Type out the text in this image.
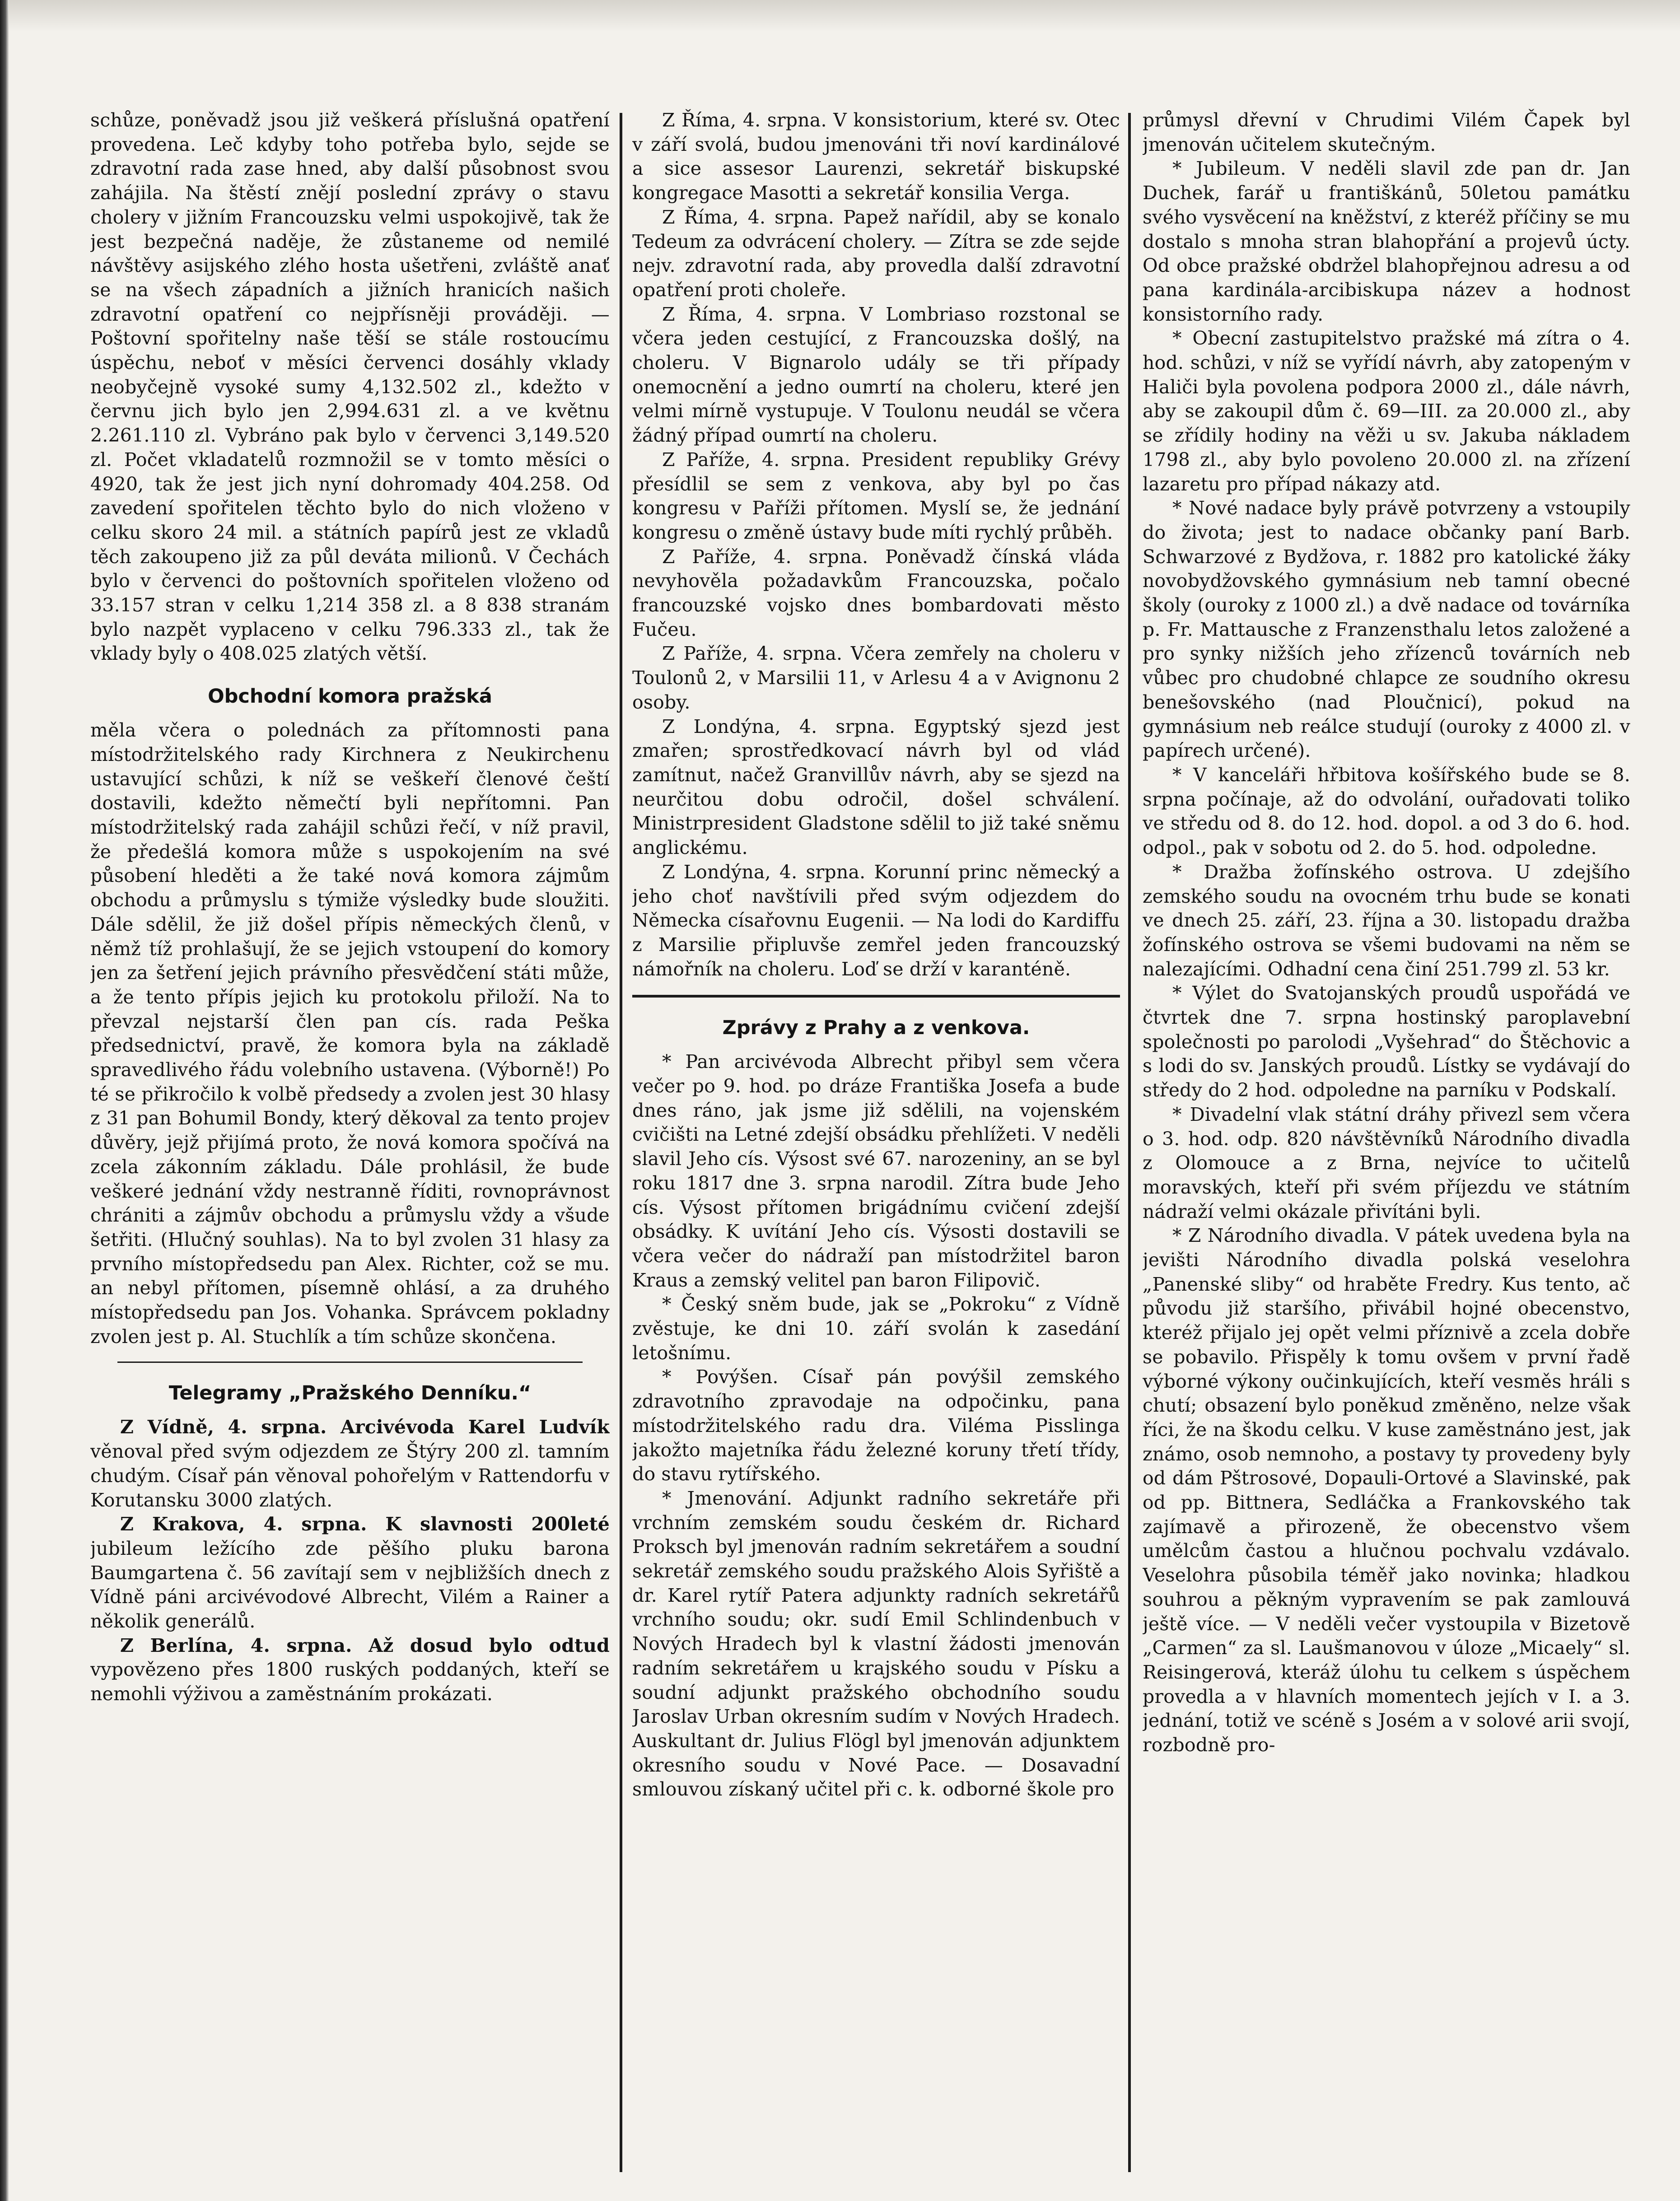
schůze, poněvadž jsou již veškerá příslušná opatření provedena. Leč kdyby toho potřeba bylo, sejde se zdravotní rada zase hned, aby další působnost svou zahájila. Na štěstí znějí poslední zprávy o stavu cholery v jižním Francouzsku velmi uspokojivě, tak že jest bezpečná naděje, že zůstaneme od nemilé návštěvy asijského zlého hosta ušetřeni, zvláště anať se na všech západních a jižních hranicích našich zdravotní opatření co nejpřísněji prováději. — Poštovní spořitelny naše těší se stále rostoucímu úspěchu, neboť v měsíci červenci dosáhly vklady neobyčejně vysoké sumy 4,132.502 zl., kdežto v červnu jich bylo jen 2,994.631 zl. a ve květnu 2.261.110 zl. Vybráno pak bylo v červenci 3,149.520 zl. Počet vkladatelů rozmnožil se v tomto měsíci o 4920, tak že jest jich nyní dohromady 404.258. Od zavedení spořitelen těchto bylo do nich vloženo v celku skoro 24 mil. a státních papírů jest ze vkladů těch zakoupeno již za půl deváta milionů. V Čechách bylo v červenci do poštovních spořitelen vloženo od 33.157 stran v celku 1,214 358 zl. a 8 838 stranám bylo nazpět vyplaceno v celku 796.333 zl., tak že vklady byly o 408.025 zlatých větší.

Obchodní komora pražská

měla včera o polednách za přítomnosti pana místodržitelského rady Kirchnera z Neukirchenu ustavující schůzi, k níž se veškeří členové čeští dostavili, kdežto němečtí byli nepřítomni. Pan místodržitelský rada zahájil schůzi řečí, v níž pravil, že předešlá komora může s uspokojením na své působení hleděti a že také nová komora zájmům obchodu a průmyslu s týmiže výsledky bude sloužiti. Dále sdělil, že již došel přípis německých členů, v němž tíž prohlašují, že se jejich vstoupení do komory jen za šetření jejich právního přesvědčení státi může, a že tento přípis jejich ku protokolu přiloží. Na to převzal nejstarší člen pan cís. rada Peška předsednictví, pravě, že komora byla na základě spravedlivého řádu volebního ustavena. (Výborně!) Po té se přikročilo k volbě předsedy a zvolen jest 30 hlasy z 31 pan Bohumil Bondy, který děkoval za tento projev důvěry, jejž přijímá proto, že nová komora spočívá na zcela zákonním základu. Dále prohlásil, že bude veškeré jednání vždy nestranně říditi, rovnoprávnost chrániti a zájmův obchodu a průmyslu vždy a všude šetřiti. (Hlučný souhlas). Na to byl zvolen 31 hlasy za prvního místopředsedu pan Alex. Richter, což se mu. an nebyl přítomen, písemně ohlásí, a za druhého místopředsedu pan Jos. Vohanka. Správcem pokladny zvolen jest p. Al. Stuchlík a tím schůze skončena.

Telegramy „Pražského Denníku.“

Z Vídně, 4. srpna. Arcivévoda Karel Ludvík věnoval před svým odjezdem ze Štýry 200 zl. tamním chudým. Císař pán věnoval pohořelým v Rattendorfu v Korutansku 3000 zlatých.

Z Krakova, 4. srpna. K slavnosti 200leté jubileum ležícího zde pěšího pluku barona Baumgartena č. 56 zavítají sem v nejbližších dnech z Vídně páni arcivévodové Albrecht, Vilém a Rainer a několik generálů.

Z Berlína, 4. srpna. Až dosud bylo odtud vypovězeno přes 1800 ruských poddaných, kteří se nemohli výživou a zaměstnáním prokázati.

Z Říma, 4. srpna. V konsistorium, které sv. Otec v září svolá, budou jmenováni tři noví kardinálové a sice assesor Laurenzi, sekretář biskupské kongregace Masotti a sekretář konsilia Verga.

Z Říma, 4. srpna. Papež nařídil, aby se konalo Tedeum za odvrácení cholery. — Zítra se zde sejde nejv. zdravotní rada, aby provedla další zdravotní opatření proti choleře.

Z Říma, 4. srpna. V Lombriaso rozstonal se včera jeden cestující, z Francouzska došlý, na choleru. V Bignarolo udály se tři případy onemocnění a jedno oumrtí na choleru, které jen velmi mírně vystupuje. V Toulonu neudál se včera žádný případ oumrtí na choleru.

Z Paříže, 4. srpna. President republiky Grévy přesídlil se sem z venkova, aby byl po čas kongresu v Paříži přítomen. Myslí se, že jednání kongresu o změně ústavy bude míti rychlý průběh.

Z Paříže, 4. srpna. Poněvadž čínská vláda nevyhověla požadavkům Francouzska, počalo francouzské vojsko dnes bombardovati město Fučeu.

Z Paříže, 4. srpna. Včera zemřely na choleru v Toulonů 2, v Marsilii 11, v Arlesu 4 a v Avignonu 2 osoby.

Z Londýna, 4. srpna. Egyptský sjezd jest zmařen; sprostředkovací návrh byl od vlád zamítnut, načež Granvillův návrh, aby se sjezd na neurčitou dobu odročil, došel schválení. Ministrpresident Gladstone sdělil to již také sněmu anglickému.

Z Londýna, 4. srpna. Korunní princ německý a jeho choť navštívili před svým odjezdem do Německa císařovnu Eugenii. — Na lodi do Kardiffu z Marsilie připluvše zemřel jeden francouzský námořník na choleru. Loď se drží v karanténě.

Zprávy z Prahy a z venkova.

* Pan arcivévoda Albrecht přibyl sem včera večer po 9. hod. po dráze Františka Josefa a bude dnes ráno, jak jsme již sdělili, na vojenském cvičišti na Letné zdejší obsádku přehlížeti. V neděli slavil Jeho cís. Výsost své 67. narozeniny, an se byl roku 1817 dne 3. srpna narodil. Zítra bude Jeho cís. Výsost přítomen brigádnímu cvičení zdejší obsádky. K uvítání Jeho cís. Výsosti dostavili se včera večer do nádraží pan místodržitel baron Kraus a zemský velitel pan baron Filipovič.

* Český sněm bude, jak se „Pokroku“ z Vídně zvěstuje, ke dni 10. září svolán k zasedání letošnímu.

* Povýšen. Císař pán povýšil zemského zdravotního zpravodaje na odpočinku, pana místodržitelského radu dra. Viléma Pisslinga jakožto majetníka řádu železné koruny třetí třídy, do stavu rytířského.

* Jmenování. Adjunkt radního sekretáře při vrchním zemském soudu českém dr. Richard Proksch byl jmenován radním sekretářem a soudní sekretář zemského soudu pražského Alois Syřiště a dr. Karel rytíř Patera adjunkty radních sekretářů vrchního soudu; okr. sudí Emil Schlindenbuch v Nových Hradech byl k vlastní žádosti jmenován radním sekretářem u krajského soudu v Písku a soudní adjunkt pražského obchodního soudu Jaroslav Urban okresním sudím v Nových Hradech. Auskultant dr. Julius Flögl byl jmenován adjunktem okresního soudu v Nové Pace. — Dosavadní smlouvou získaný učitel při c. k. odborné škole pro

průmysl dřevní v Chrudimi Vilém Čapek byl jmenován učitelem skutečným.

* Jubileum. V neděli slavil zde pan dr. Jan Duchek, farář u františkánů, 50letou památku svého vysvěcení na kněžství, z kteréž příčiny se mu dostalo s mnoha stran blahopřání a projevů úcty. Od obce pražské obdržel blahopřejnou adresu a od pana kardinála-arcibiskupa název a hodnost konsistorního rady.

* Obecní zastupitelstvo pražské má zítra o 4. hod. schůzi, v níž se vyřídí návrh, aby zatopeným v Haliči byla povolena podpora 2000 zl., dále návrh, aby se zakoupil dům č. 69—III. za 20.000 zl., aby se zřídily hodiny na věži u sv. Jakuba nákladem 1798 zl., aby bylo povoleno 20.000 zl. na zřízení lazaretu pro případ nákazy atd.

* Nové nadace byly právě potvrzeny a vstoupily do života; jest to nadace občanky paní Barb. Schwarzové z Bydžova, r. 1882 pro katolické žáky novobydžovského gymnásium neb tamní obecné školy (ouroky z 1000 zl.) a dvě nadace od továrníka p. Fr. Mattausche z Franzensthalu letos založené a pro synky nižších jeho zřízenců továrních neb vůbec pro chudobné chlapce ze soudního okresu benešovského (nad Ploučnicí), pokud na gymnásium neb reálce studují (ouroky z 4000 zl. v papírech určené).

* V kanceláři hřbitova košířského bude se 8. srpna počínaje, až do odvolání, ouřadovati toliko ve středu od 8. do 12. hod. dopol. a od 3 do 6. hod. odpol., pak v sobotu od 2. do 5. hod. odpoledne.

* Dražba žofínského ostrova. U zdejšího zemského soudu na ovocném trhu bude se konati ve dnech 25. září, 23. října a 30. listopadu dražba žofínského ostrova se všemi budovami na něm se nalezajícími. Odhadní cena činí 251.799 zl. 53 kr.

* Výlet do Svatojanských proudů uspořádá ve čtvrtek dne 7. srpna hostinský paroplavební společnosti po parolodi „Vyšehrad“ do Štěchovic a s lodi do sv. Janských proudů. Lístky se vydávají do středy do 2 hod. odpoledne na parníku v Podskalí.

* Divadelní vlak státní dráhy přivezl sem včera o 3. hod. odp. 820 návštěvníků Národního divadla z Olomouce a z Brna, nejvíce to učitelů moravských, kteří při svém příjezdu ve státním nádraží velmi okázale přivítáni byli.

* Z Národního divadla. V pátek uvedena byla na jevišti Národního divadla polská veselohra „Panenské sliby“ od hraběte Fredry. Kus tento, ač původu již staršího, přivábil hojné obecenstvo, kteréž přijalo jej opět velmi příznivě a zcela dobře se pobavilo. Přispěly k tomu ovšem v první řadě výborné výkony oučinkujících, kteří vesměs hráli s chutí; obsazení bylo poněkud změněno, nelze však říci, že na škodu celku. V kuse zaměstnáno jest, jak známo, osob nemnoho, a postavy ty provedeny byly od dám Pštrosové, Dopauli-Ortové a Slavinské, pak od pp. Bittnera, Sedláčka a Frankovského tak zajímavě a přirozeně, že obecenstvo všem umělcům častou a hlučnou pochvalu vzdávalo. Veselohra působila téměř jako novinka; hladkou souhrou a pěkným vypravením se pak zamlouvá ještě více. — V neděli večer vystoupila v Bizetově „Carmen“ za sl. Laušmanovou v úloze „Micaely“ sl. Reisingerová, kteráž úlohu tu celkem s úspěchem provedla a v hlavních momentech jejích v I. a 3. jednání, totiž ve scéně s Josém a v solové arii svojí, rozbodně pro-
